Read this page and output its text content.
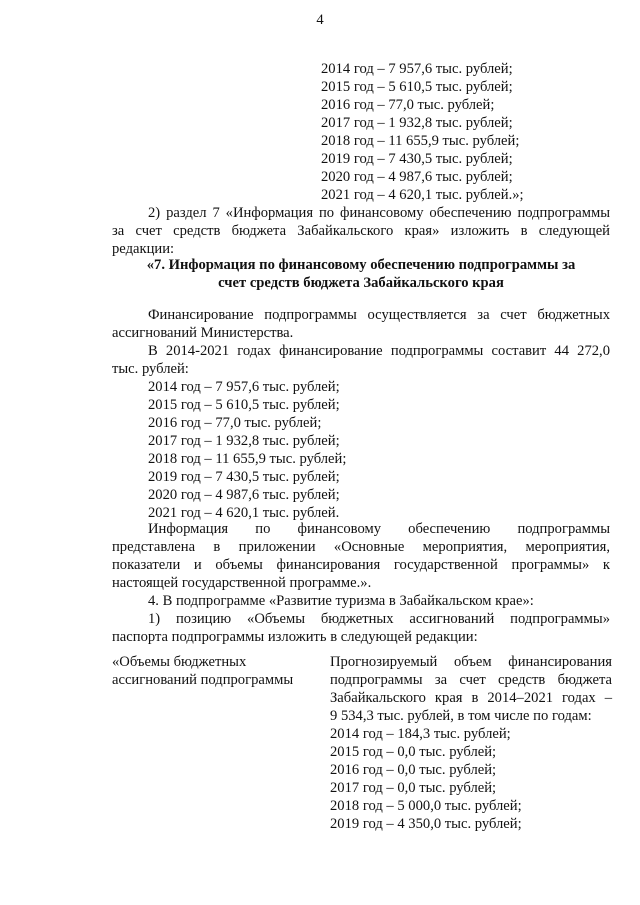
4
2014 год – 7 957,6 тыс. рублей;
2015 год – 5 610,5 тыс. рублей;
2016 год – 77,0 тыс. рублей;
2017 год – 1 932,8 тыс. рублей;
2018 год – 11 655,9 тыс. рублей;
2019 год – 7 430,5 тыс. рублей;
2020 год – 4 987,6 тыс. рублей;
2021 год – 4 620,1 тыс. рублей.»;
2) раздел 7 «Информация по финансовому обеспечению подпрограммы
за счет средств бюджета Забайкальского края» изложить в следующей
редакции:
«7. Информация по финансовому обеспечению подпрограммы за
счет средств бюджета Забайкальского края
Финансирование подпрограммы осуществляется за счет бюджетных
ассигнований Министерства.
В 2014-2021 годах финансирование подпрограммы составит 44 272,0
тыс. рублей:
2014 год – 7 957,6 тыс. рублей;
2015 год – 5 610,5 тыс. рублей;
2016 год – 77,0 тыс. рублей;
2017 год – 1 932,8 тыс. рублей;
2018 год – 11 655,9 тыс. рублей;
2019 год – 7 430,5 тыс. рублей;
2020 год – 4 987,6 тыс. рублей;
2021 год – 4 620,1 тыс. рублей.
Информация по финансовому обеспечению подпрограммы
представлена в приложении «Основные мероприятия, мероприятия,
показатели и объемы финансирования государственной программы» к
настоящей государственной программе.».
4. В подпрограмме «Развитие туризма в Забайкальском крае»:
1) позицию «Объемы бюджетных ассигнований подпрограммы»
паспорта подпрограммы изложить в следующей редакции:
«Объемы бюджетных
ассигнований подпрограммы
Прогнозируемый объем финансирования
подпрограммы за счет средств бюджета
Забайкальского края в 2014–2021 годах –
9 534,3 тыс. рублей, в том числе по годам:
2014 год – 184,3 тыс. рублей;
2015 год – 0,0 тыс. рублей;
2016 год – 0,0 тыс. рублей;
2017 год – 0,0 тыс. рублей;
2018 год – 5 000,0 тыс. рублей;
2019 год – 4 350,0 тыс. рублей;
